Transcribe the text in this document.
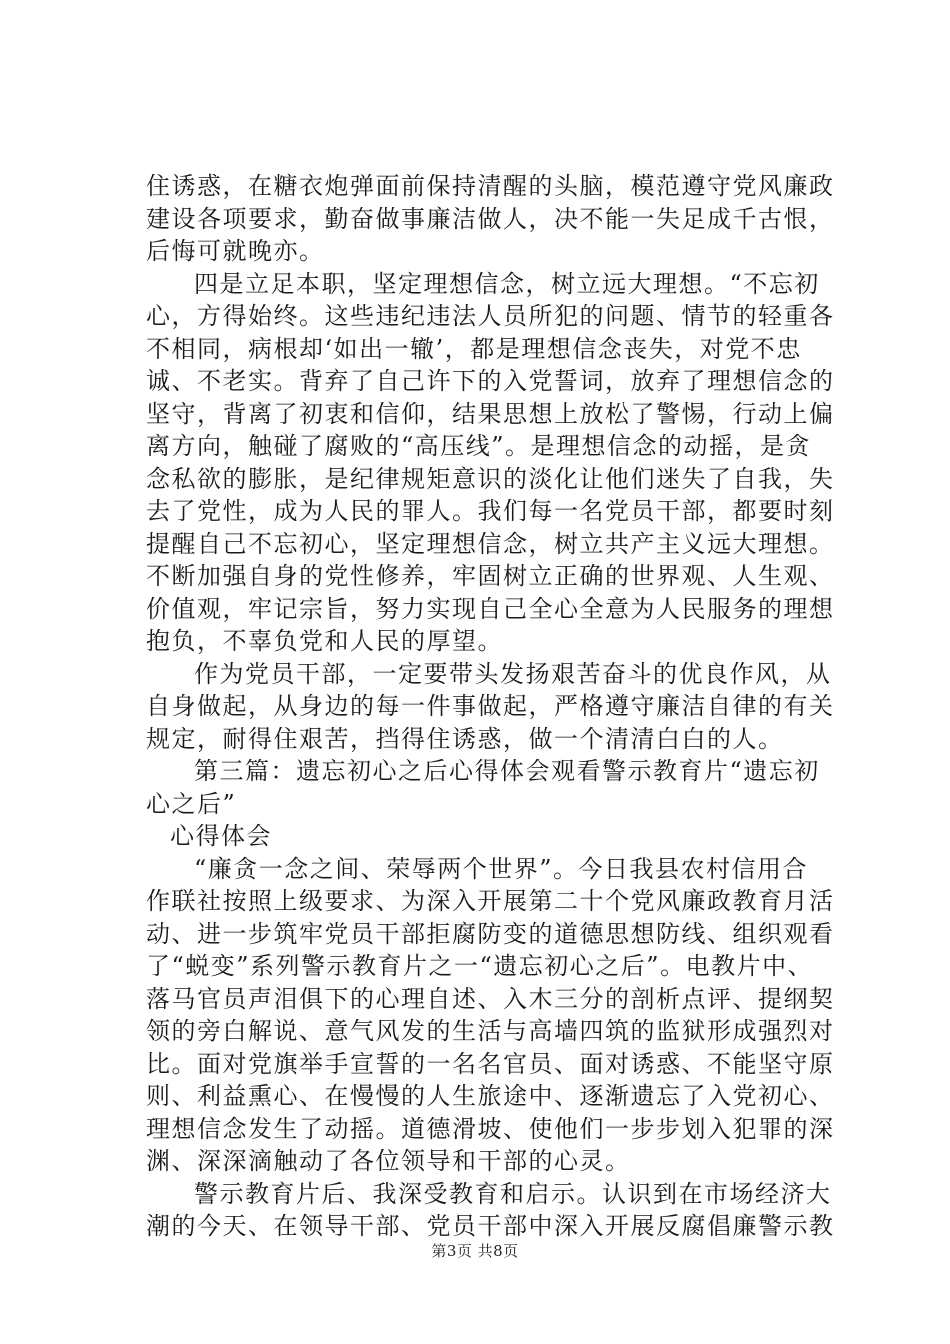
住诱惑，在糖衣炮弹面前保持清醒的头脑，模范遵守党风廉政
建设各项要求，勤奋做事廉洁做人，决不能一失足成千古恨，
后悔可就晚亦。
四是立足本职，坚定理想信念，树立远大理想。“不忘初
心，方得始终。这些违纪违法人员所犯的问题、情节的轻重各
不相同，病根却‘如出一辙’，都是理想信念丧失，对党不忠
诚、不老实。背弃了自己许下的入党誓词，放弃了理想信念的
坚守，背离了初衷和信仰，结果思想上放松了警惕，行动上偏
离方向，触碰了腐败的“高压线”。是理想信念的动摇，是贪
念私欲的膨胀，是纪律规矩意识的淡化让他们迷失了自我，失
去了党性，成为人民的罪人。我们每一名党员干部，都要时刻
提醒自己不忘初心，坚定理想信念，树立共产主义远大理想。
不断加强自身的党性修养，牢固树立正确的世界观、人生观、
价值观，牢记宗旨，努力实现自己全心全意为人民服务的理想
抱负，不辜负党和人民的厚望。
作为党员干部，一定要带头发扬艰苦奋斗的优良作风，从
自身做起，从身边的每一件事做起，严格遵守廉洁自律的有关
规定，耐得住艰苦，挡得住诱惑，做一个清清白白的人。
第三篇：遗忘初心之后心得体会观看警示教育片“遗忘初
心之后”
心得体会
“廉贪一念之间、荣辱两个世界”。今日我县农村信用合
作联社按照上级要求、为深入开展第二十个党风廉政教育月活
动、进一步筑牢党员干部拒腐防变的道德思想防线、组织观看
了“蜕变”系列警示教育片之一“遗忘初心之后”。电教片中、
落马官员声泪俱下的心理自述、入木三分的剖析点评、提纲契
领的旁白解说、意气风发的生活与高墙四筑的监狱形成强烈对
比。面对党旗举手宣誓的一名名官员、面对诱惑、不能坚守原
则、利益熏心、在慢慢的人生旅途中、逐渐遗忘了入党初心、
理想信念发生了动摇。道德滑坡、使他们一步步划入犯罪的深
渊、深深滴触动了各位领导和干部的心灵。
警示教育片后、我深受教育和启示。认识到在市场经济大
潮的今天、在领导干部、党员干部中深入开展反腐倡廉警示教
第3页 共8页
